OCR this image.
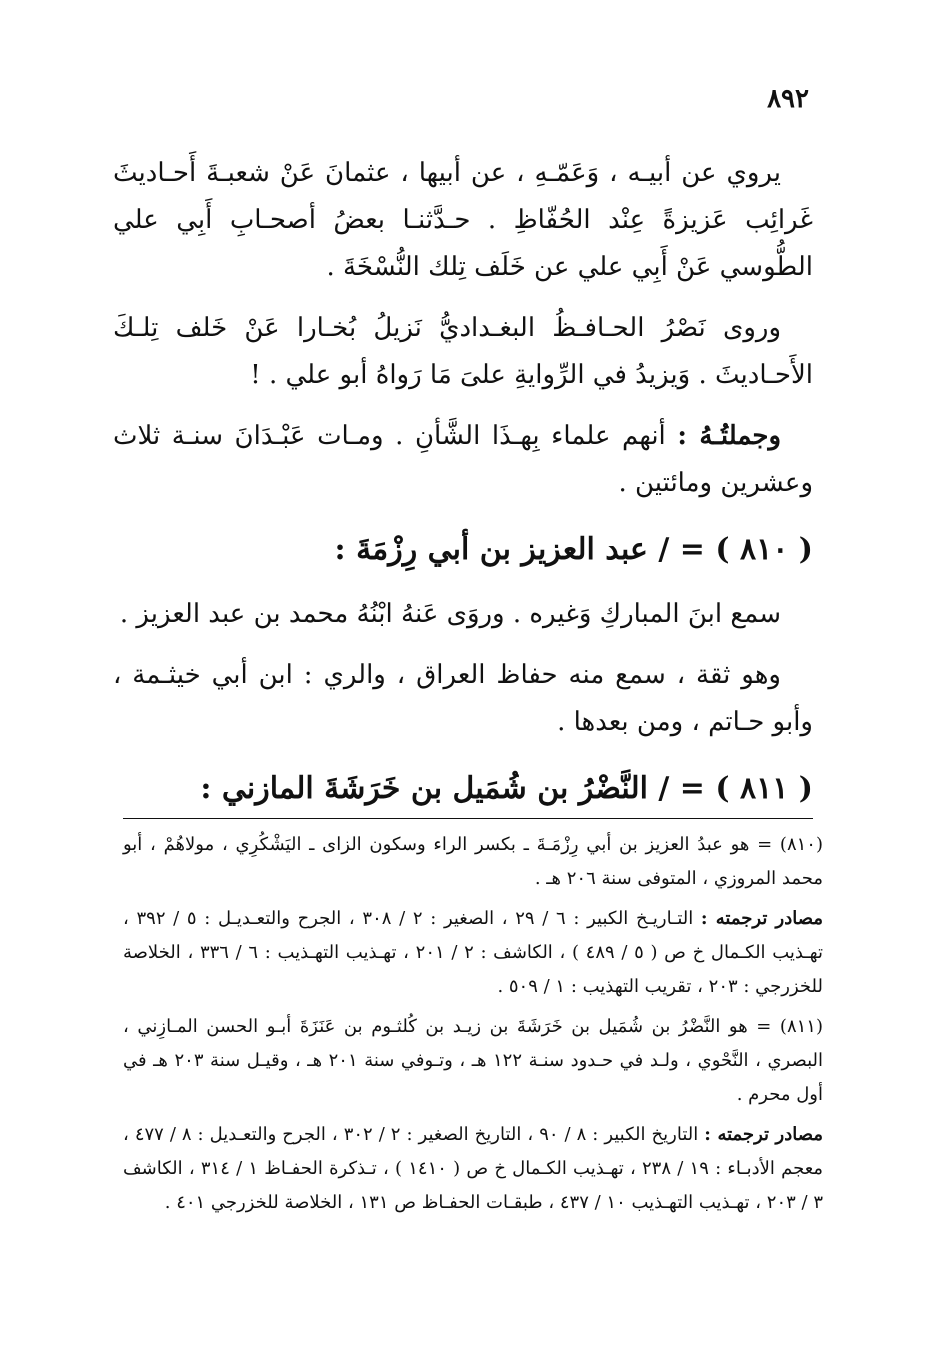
٨٩٢

يروي عن أبيـه ، وَعَمّـهِ ، عن أبيها ، عثمانَ عَنْ شعبـةَ أَحـاديثَ غَرائِب عَزيزةً عِنْد الحُفّاظِ . حـدَّثنـا بعضُ أصحـابِ أَبِي علي الطُّوسي عَنْ أَبِي علي عن خَلَف تِلك النُّسْخَةَ .

وروى نَصْرُ الحـافـظُ البغـداديُّ نَزيلُ بُخـارا عَنْ خَلف تِلـكَ الأَحـاديثَ . وَيزيدُ في الرِّوايةِ علىَ مَا رَواهُ أبو علي . !

وجملتُـهُ : أنهم علماء بِهـذَا الشَّأنِ . ومـات عَبْـدَانَ سنـة ثلاث وعشرين ومائتين .

( ٨١٠ ) = / عبد العزيز بن أبي رِزْمَةَ :

سمع ابنَ المباركِ وَغيره . وروَى عَنهُ ابْنُهُ محمد بن عبد العزيز .

وهو ثقة ، سمع منه حفاظ العراق ، والري : ابن أبي خيثـمة ، وأبو حـاتم ، ومن بعدها .

( ٨١١ ) = / النَّضْرُ بن شُمَيل بن خَرَشَةَ المازني :

(٨١٠) = هو عبدُ العزيز بن أبي رِزْمَـةَ ـ بكسر الراء وسكون الزاى ـ اليَشْكُرِي ، مولاهُمْ ، أبو محمد المروزي ، المتوفى سنة ٢٠٦ هـ .

مصادر ترجمته : التـاريـخ الكبير : ٦ / ٢٩ ، الصغير : ٢ / ٣٠٨ ، الجرح والتعـديـل : ٥ / ٣٩٢ ، تهـذيب الكـمال خ ص ( ٥ / ٤٨٩ ) ، الكاشف : ٢ / ٢٠١ ، تهـذيب التهـذيب : ٦ / ٣٣٦ ، الخلاصة للخزرجي : ٢٠٣ ، تقريب التهذيب : ١ / ٥٠٩ .

(٨١١) = هو النَّضْرُ بن شُمَيل بن خَرَشَةَ بن زيـد بن كُلثـوم بن عَنَزَةَ أبـو الحسن المـازِني ، البصري ، النَّحْوي ، ولـد في حـدود سنـة ١٢٢ هـ ، وتـوفي سنة ٢٠١ هـ ، وقيـل سنة ٢٠٣ هـ في أول محرم .

مصادر ترجمته : التاريخ الكبير : ٨ / ٩٠ ، التاريخ الصغير : ٢ / ٣٠٢ ، الجرح والتعـديل : ٨ / ٤٧٧ ، معجم الأدبـاء : ١٩ / ٢٣٨ ، تهـذيب الكـمال خ ص ( ١٤١٠ ) ، تـذكرة الحفـاظ ١ / ٣١٤ ، الكاشف ٣ / ٢٠٣ ، تهـذيب التهـذيب ١٠ / ٤٣٧ ، طبقـات الحفـاظ ص ١٣١ ، الخلاصة للخزرجي ٤٠١ .
